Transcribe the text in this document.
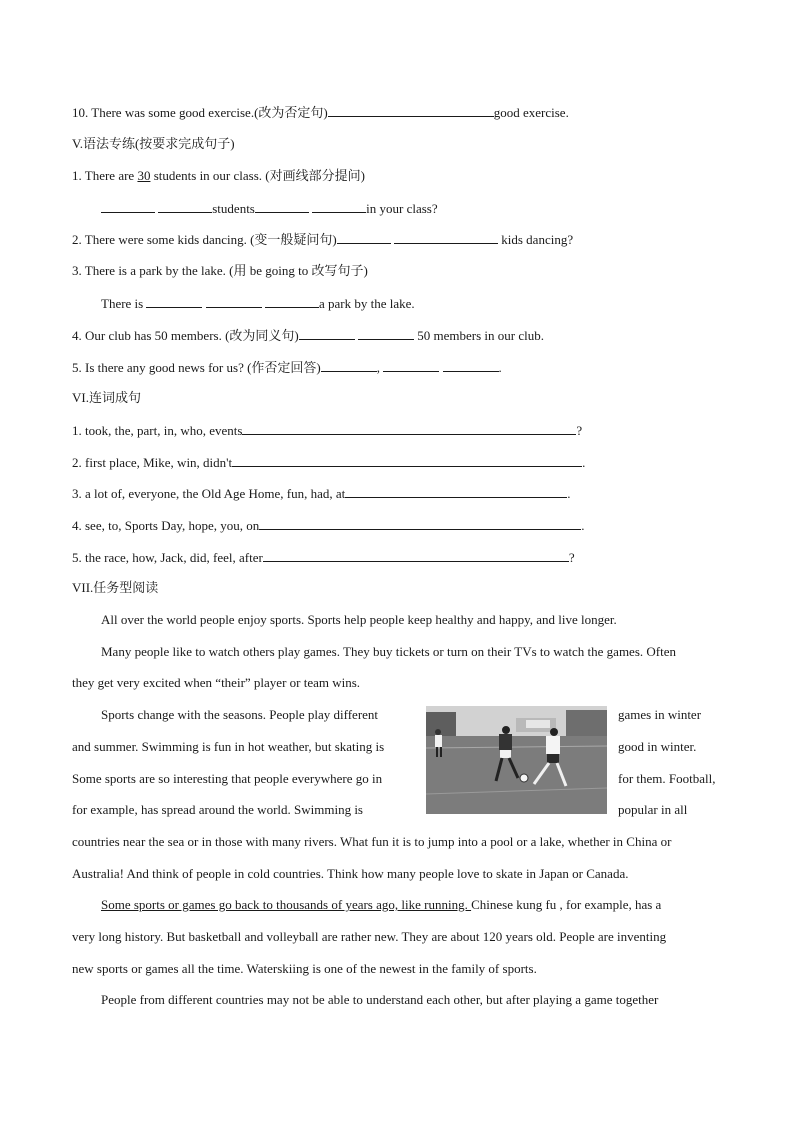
10. There was some good exercise.(改为否定句)	good exercise.
V.语法专练(按要求完成句子)
1. There are 30 students in our class. (对画线部分提问)
students	in your class?
2. There were some kids dancing. (变一般疑问句)	kids dancing?
3. There is a park by the lake. (用 be going to 改写句子)
There is	a park by the lake.
4. Our club has 50 members. (改为同义句)	50 members in our club.
5. Is there any good news for us? (作否定回答)	,	.
VI.连词成句
1. took, the, part, in, who, events	?
2. first place, Mike, win, didn't	.
3. a lot of, everyone, the Old Age Home, fun, had, at	.
4. see, to, Sports Day, hope, you, on	.
5. the race, how, Jack, did, feel, after	?
VII.任务型阅读
All over the world people enjoy sports. Sports help people keep healthy and happy, and live longer.
Many people like to watch others play games. They buy tickets or turn on their TVs to watch the games. Often
they get very excited when “their” player or team wins.
Sports change with the seasons. People play different	games in winter
and summer. Swimming is fun in hot weather, but skating is	good in winter.
Some sports are so interesting that people everywhere go in	for them. Football,
for example, has spread around the world. Swimming is	popular in all
countries near the sea or in those with many rivers. What fun it is to jump into a pool or a lake, whether in China or
Australia! And think of people in cold countries. Think how many people love to skate in Japan or Canada.
Some sports or games go back to thousands of years ago, like running. Chinese kung fu , for example, has a
very long history. But basketball and volleyball are rather new. They are about 120 years old. People are inventing
new sports or games all the time. Waterskiing is one of the newest in the family of sports.
People from different countries may not be able to understand each other, but after playing a game together
